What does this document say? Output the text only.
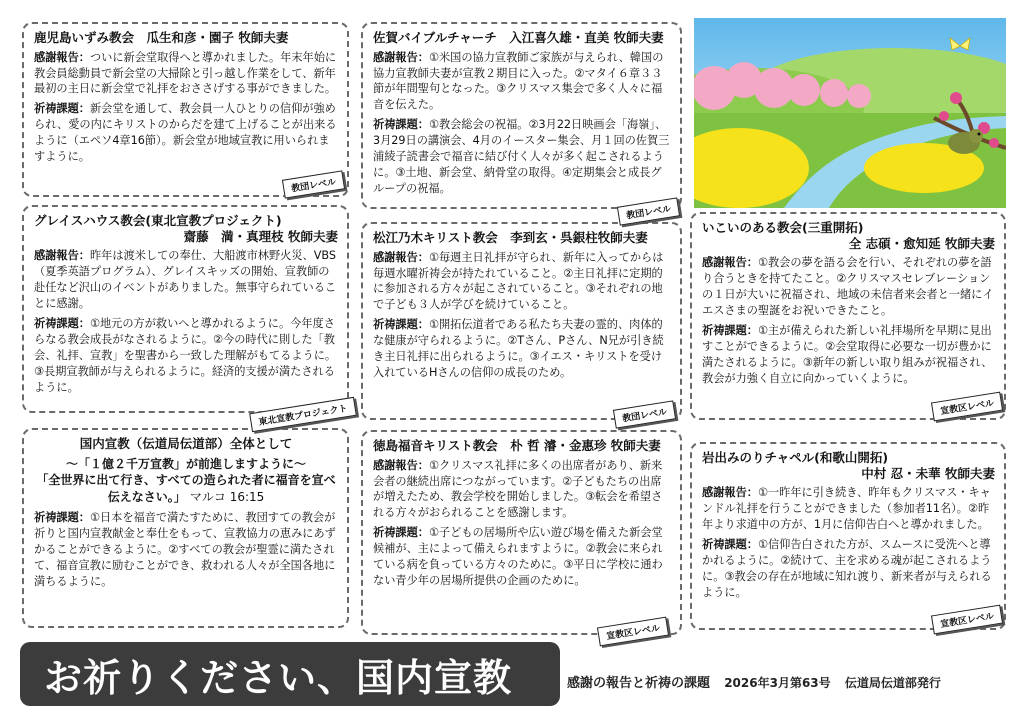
鹿児島いずみ教会　瓜生和彦・園子 牧師夫妻
感謝報告：ついに新会堂取得へと導かれました。年末年始に教会員総動員で新会堂の大掃除と引っ越し作業をして、新年最初の主日に新会堂で礼拝をおささげする事ができました。
祈祷課題：新会堂を通して、教会員一人ひとりの信仰が強められ、愛の内にキリストのからだを建て上げることが出来るように（エペソ4章16節）。新会堂が地域宣教に用いられますように。
教団レベル
佐賀バイブルチャーチ　入江喜久雄・直美 牧師夫妻
感謝報告：①米国の協力宣教師ご家族が与えられ、韓国の協力宣教師夫妻が宣教２期目に入った。②マタイ６章３３節が年間聖句となった。③クリスマス集会で多く人々に福音を伝えた。
祈祷課題：①教会総会の祝福。②3月22日映画会「海嶺」、3月29日の講演会、4月のイースター集会、月１回の佐賀三浦綾子読書会で福音に結び付く人々が多く起こされるように。③土地、新会堂、納骨堂の取得。④定期集会と成長グループの祝福。
教団レベル
グレイスハウス教会(東北宣教プロジェクト)
齋藤　満・真理枝 牧師夫妻
感謝報告：昨年は渡米しての奉仕、大船渡市林野火災、VBS（夏季英語プログラム）、グレイスキッズの開始、宣教師の赴任など沢山のイベントがありました。無事守られていることに感謝。
祈祷課題：①地元の方が救いへと導かれるように。今年度さらなる教会成長がなされるように。②今の時代に則した「教会、礼拝、宣教」を聖書から一致した理解がもてるように。③長期宣教師が与えられるように。経済的支援が満たされるように。
東北宣教プロジェクト
松江乃木キリスト教会　李到玄・呉銀柱牧師夫妻
感謝報告：①毎週主日礼拝が守られ、新年に入ってからは毎週水曜祈祷会が持たれていること。②主日礼拝に定期的に参加される方々が起こされていること。③それぞれの地で子ども３人が学びを続けていること。
祈祷課題：①開拓伝道者である私たち夫妻の霊的、肉体的な健康が守られるように。②Tさん、Pさん、N兄が引き続き主日礼拝に出られるように。③イエス・キリストを受け入れているHさんの信仰の成長のため。
教団レベル
いこいのある教会(三重開拓)
全 志碩・愈知延 牧師夫妻
感謝報告：①教会の夢を語る会を行い、それぞれの夢を語り合うときを持てたこと。②クリスマスセレブレーションの１日が大いに祝福され、地域の未信者来会者と一緒にイエスさまの聖誕をお祝いできたこと。
祈祷課題：①主が備えられた新しい礼拝場所を早期に見出すことができるように。②会堂取得に必要な一切が豊かに満たされるように。③新年の新しい取り組みが祝福され、教会が力強く自立に向かっていくように。
宣教区レベル
国内宣教（伝道局伝道部）全体として
～「１億２千万宣教」が前進しますように～
「全世界に出て行き、すべての造られた者に福音を宣べ伝えなさい。」 マルコ 16:15
祈祷課題：①日本を福音で満たすために、教団すての教会が祈りと国内宣教献金と奉仕をもって、宣教協力の恵みにあずかることができるように。②すべての教会が聖霊に満たされて、福音宣教に励むことができ、救われる人々が全国各地に満ちるように。
徳島福音キリスト教会　朴 哲 濬・金惠珍 牧師夫妻
感謝報告：①クリスマス礼拝に多くの出席者があり、新来会者の継続出席につながっています。②子どもたちの出席が増えたため、教会学校を開始しました。③転会を希望される方々がおられることを感謝します。
祈祷課題：①子どもの居場所や広い遊び場を備えた新会堂候補が、主によって備えられますように。②教会に来られている病を負っている方々のために。③平日に学校に通わない青少年の居場所提供の企画のために。
宣教区レベル
岩出みのりチャペル(和歌山開拓)
中村 忍・未華 牧師夫妻
感謝報告：①一昨年に引き続き、昨年もクリスマス・キャンドル礼拝を行うことができました（参加者11名）。②昨年より求道中の方が、1月に信仰告白へと導かれました。
祈祷課題：①信仰告白された方が、スムースに受洗へと導かれるように。②続けて、主を求める魂が起こされるように。③教会の存在が地域に知れ渡り、新来者が与えられるように。
宣教区レベル
お祈りください、国内宣教	感謝の報告と祈祷の課題 2026年3月第63号 伝道局伝道部発行
